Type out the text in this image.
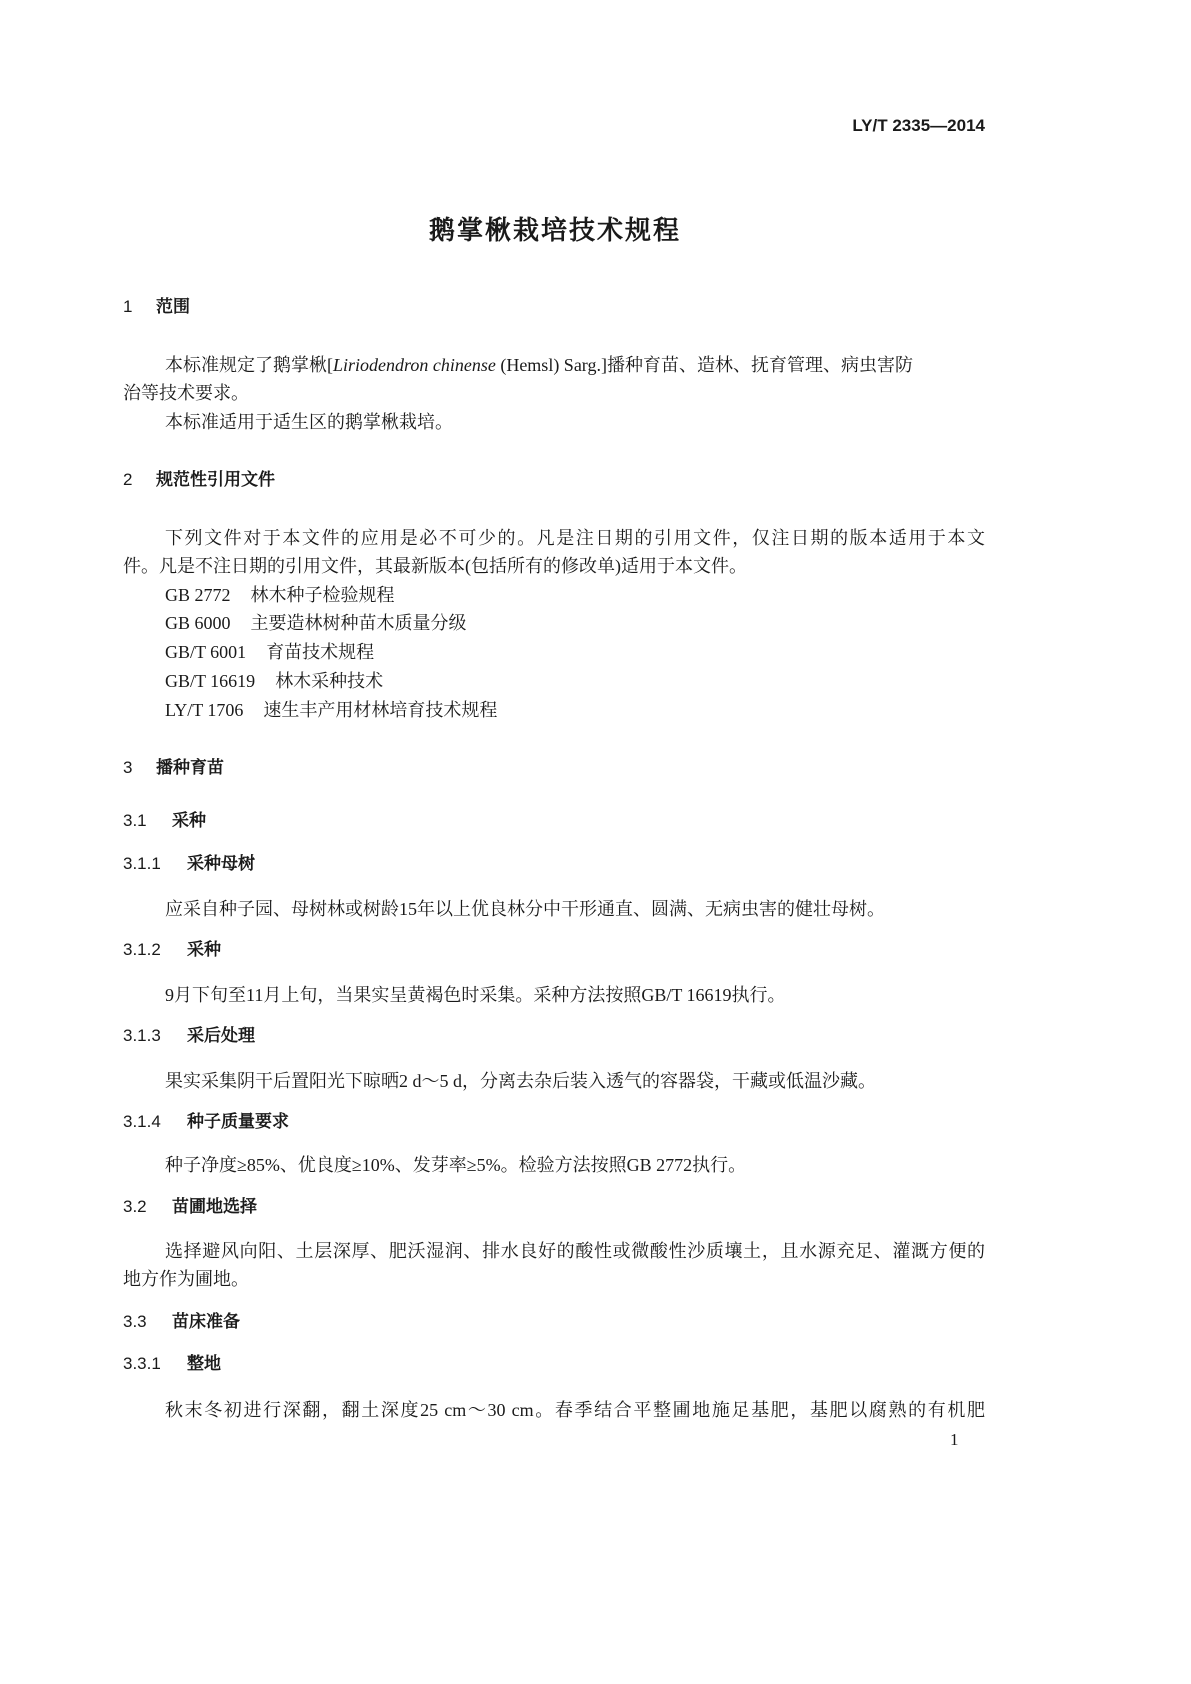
LY/T 2335—2014
鹅掌楸栽培技术规程
1 范围
本标准规定了鹅掌楸[Liriodendron chinense (Hemsl) Sarg.]播种育苗、造林、抚育管理、病虫害防
治等技术要求。
本标准适用于适生区的鹅掌楸栽培。
2 规范性引用文件
下列文件对于本文件的应用是必不可少的。凡是注日期的引用文件，仅注日期的版本适用于本文
件。凡是不注日期的引用文件，其最新版本(包括所有的修改单)适用于本文件。
GB 2772 林木种子检验规程
GB 6000 主要造林树种苗木质量分级
GB/T 6001 育苗技术规程
GB/T 16619 林木采种技术
LY/T 1706 速生丰产用材林培育技术规程
3 播种育苗
3.1 采种
3.1.1 采种母树
应采自种子园、母树林或树龄15年以上优良林分中干形通直、圆满、无病虫害的健壮母树。
3.1.2 采种
9月下旬至11月上旬，当果实呈黄褐色时采集。采种方法按照GB/T 16619执行。
3.1.3 采后处理
果实采集阴干后置阳光下晾晒2 d～5 d，分离去杂后装入透气的容器袋，干藏或低温沙藏。
3.1.4 种子质量要求
种子净度≥85%、优良度≥10%、发芽率≥5%。检验方法按照GB 2772执行。
3.2 苗圃地选择
选择避风向阳、土层深厚、肥沃湿润、排水良好的酸性或微酸性沙质壤土，且水源充足、灌溉方便的
地方作为圃地。
3.3 苗床准备
3.3.1 整地
秋末冬初进行深翻，翻土深度25 cm～30 cm。春季结合平整圃地施足基肥，基肥以腐熟的有机肥
1
